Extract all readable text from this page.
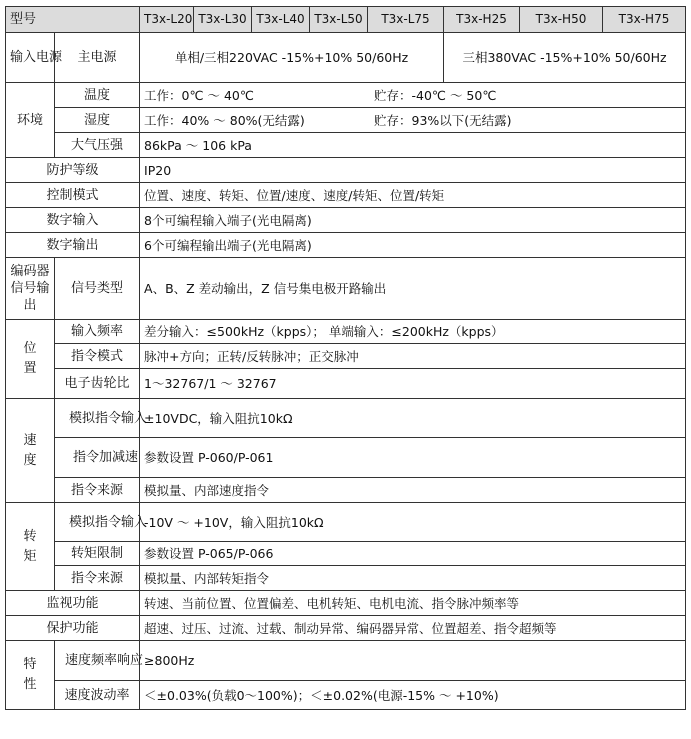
型号		T3x-L20	T3x-L30	T3x-L40	T3x-L50	T3x-L75	T3x-H25	T3x-H50	T3x-H75
输入电源	主电源	单相/三相220VAC -15%+10% 50/60Hz					三相380VAC -15%+10% 50/60Hz		
环境	温度	工作：0℃ ～ 40℃ 贮存：-40℃ ～ 50℃							

	湿度	工作：40% ～ 80%(无结露) 贮存：93%以下(无结露)							

	大气压强	86kPa ～ 106 kPa							
防护等级		IP20							
控制模式		位置、速度、转矩、位置/速度、速度/转矩、位置/转矩							
数字输入		8个可编程输入端子(光电隔离)							
数字输出		6个可编程输出端子(光电隔离)							
编码器信号输出	信号类型	A、B、Z 差动输出，Z 信号集电极开路输出							
位置	输入频率	差分输入：≤500kHz（kpps）； 单端输入：≤200kHz（kpps）							
	指令模式	脉冲+方向；正转/反转脉冲；正交脉冲							
	电子齿轮比	1～32767/1 ～ 32767							
速度	模拟指令输入	±10VDC，输入阻抗10kΩ							
	指令加减速	参数设置 P-060/P-061							
	指令来源	模拟量、内部速度指令							
转矩	模拟指令输入	-10V ～ +10V，输入阻抗10kΩ							
	转矩限制	参数设置 P-065/P-066							
	指令来源	模拟量、内部转矩指令							
监视功能		转速、当前位置、位置偏差、电机转矩、电机电流、指令脉冲频率等							
保护功能		超速、过压、过流、过载、制动异常、编码器异常、位置超差、指令超频等							
特性	速度频率响应	≥800Hz							
	速度波动率	＜±0.03%(负载0～100%)；＜±0.02%(电源-15% ～ +10%)							
